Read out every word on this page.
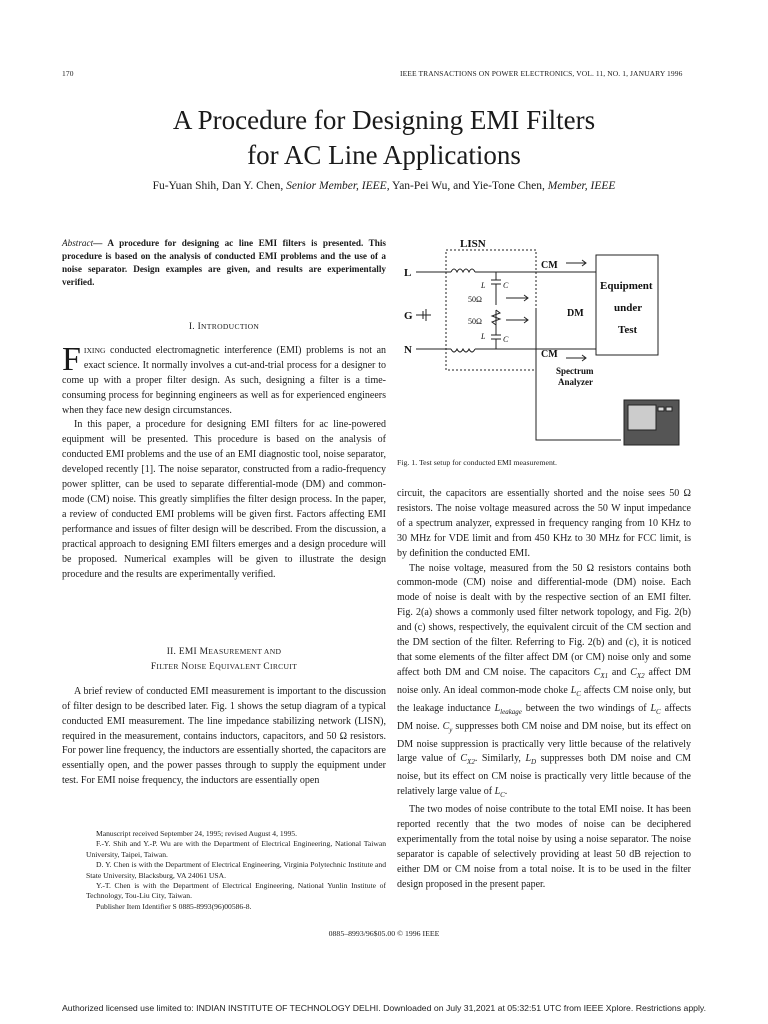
170	IEEE TRANSACTIONS ON POWER ELECTRONICS, VOL. 11, NO. 1, JANUARY 1996
A Procedure for Designing EMI Filters
for AC Line Applications
Fu-Yuan Shih, Dan Y. Chen, Senior Member, IEEE, Yan-Pei Wu, and Yie-Tone Chen, Member, IEEE
Abstract— A procedure for designing ac line EMI filters is presented. This procedure is based on the analysis of conducted EMI problems and the use of a noise separator. Design examples are given, and results are experimentally verified.
I. INTRODUCTION

FIXING conducted electromagnetic interference (EMI) problems is not an exact science. It normally involves a cut-and-trial process for a designer to come up with a proper filter design. As such, designing a filter is a time-consuming process for beginning engineers as well as for experienced engineers when they face new design circumstances.

In this paper, a procedure for designing EMI filters for ac line-powered equipment will be presented. This procedure is based on the analysis of conducted EMI problems and the use of an EMI diagnostic tool, noise separator, developed recently [1]. The noise separator, constructed from a radio-frequency power splitter, can be used to separate differential-mode (DM) and common-mode (CM) noise. This greatly simplifies the filter design process. In the paper, a review of conducted EMI problems will be given first. Factors affecting EMI performance and issues of filter design will be described. From the discussion, a practical approach to designing EMI filters emerges and a design procedure will be proposed. Numerical examples will be given to illustrate the design procedure and the results are experimentally verified.

II. EMI MEASUREMENT AND
FILTER NOISE EQUIVALENT CIRCUIT

A brief review of conducted EMI measurement is important to the discussion of filter design to be described later. Fig. 1 shows the setup diagram of a typical conducted EMI measurement. The line impedance stabilizing network (LISN), required in the measurement, contains inductors, capacitors, and 50 Ω resistors. For power line frequency, the inductors are essentially shorted, the capacitors are essentially open, and the power passes through to supply the equipment under test. For EMI noise frequency, the inductors are essentially open

Manuscript received September 24, 1995; revised August 4, 1995.

F.-Y. Shih and Y.-P. Wu are with the Department of Electrical Engineering, National Taiwan University, Taipei, Taiwan.

D. Y. Chen is with the Department of Electrical Engineering, Virginia Polytechnic Institute and State University, Blacksburg, VA 24061 USA.

Y.-T. Chen is with the Department of Electrical Engineering, National Yunlin Institute of Technology, Tou-Liu City, Taiwan.

Publisher Item Identifier S 0885-8993(96)00586-8.

LISN
L
G
N
CM
CM
DM
Equipment
under
Test
Spectrum
Analyzer
50Ω
50Ω
L C
L C
Fig. 1. Test setup for conducted EMI measurement.

circuit, the capacitors are essentially shorted and the noise sees 50 Ω resistors. The noise voltage measured across the 50 W input impedance of a spectrum analyzer, expressed in frequency ranging from 10 KHz to 30 MHz for VDE limit and from 450 KHz to 30 MHz for FCC limit, is by definition the conducted EMI.

The noise voltage, measured from the 50 Ω resistors contains both common-mode (CM) noise and differential-mode (DM) noise. Each mode of noise is dealt with by the respective section of an EMI filter. Fig. 2(a) shows a commonly used filter network topology, and Fig. 2(b) and (c) shows, respectively, the equivalent circuit of the CM section and the DM section of the filter. Referring to Fig. 2(b) and (c), it is noticed that some elements of the filter affect DM (or CM) noise only and some affect both DM and CM noise. The capacitors $C_{X1}$ and $C_{X2}$ affect DM noise only. An ideal common-mode choke $L_C$ affects CM noise only, but the leakage inductance $L_{leakage}$ between the two windings of $L_C$ affects DM noise. $C_y$ suppresses both CM noise and DM noise, but its effect on DM noise suppression is practically very little because of the relatively large value of $C_{X2}$. Similarly, $L_D$ suppresses both DM noise and CM noise, but its effect on CM noise is practically very little because of the relatively large value of $L_C$.

The two modes of noise contribute to the total EMI noise. It has been reported recently that the two modes of noise can be deciphered experimentally from the total noise by using a noise separator. The noise separator is capable of selectively providing at least 50 dB rejection to either DM or CM noise from a total noise. It is to be used in the filter design proposed in the present paper.

0885–8993/96$05.00 © 1996 IEEE
Authorized licensed use limited to: INDIAN INSTITUTE OF TECHNOLOGY DELHI. Downloaded on July 31,2021 at 05:32:51 UTC from IEEE Xplore. Restrictions apply.
